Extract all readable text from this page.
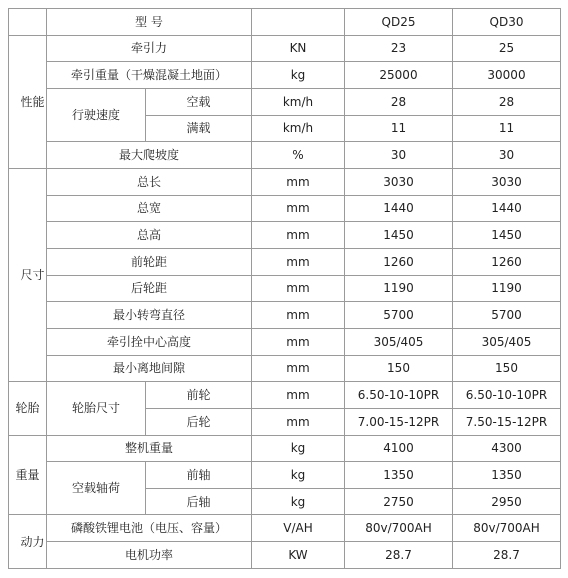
	型 号			QD25	QD30
性能	牵引力		KN	23	25
	牵引重量（干燥混凝土地面）		kg	25000	30000
	行驶速度	空载	km/h	28	28
		满载	km/h	11	11
	最大爬坡度		%	30	30
尺寸	总长		mm	3030	3030
	总宽		mm	1440	1440
	总高		mm	1450	1450
	前轮距		mm	1260	1260
	后轮距		mm	1190	1190
	最小转弯直径		mm	5700	5700
	牵引拴中心高度		mm	305/405	305/405
	最小离地间隙		mm	150	150
轮胎	轮胎尺寸	前轮	mm	6.50-10-10PR	6.50-10-10PR
		后轮	mm	7.00-15-12PR	7.50-15-12PR
重量	整机重量		kg	4100	4300
	空载轴荷	前轴	kg	1350	1350
		后轴	kg	2750	2950
动力	磷酸铁锂电池（电压、容量）		V/AH	80v/700AH	80v/700AH
	电机功率		KW	28.7	28.7
